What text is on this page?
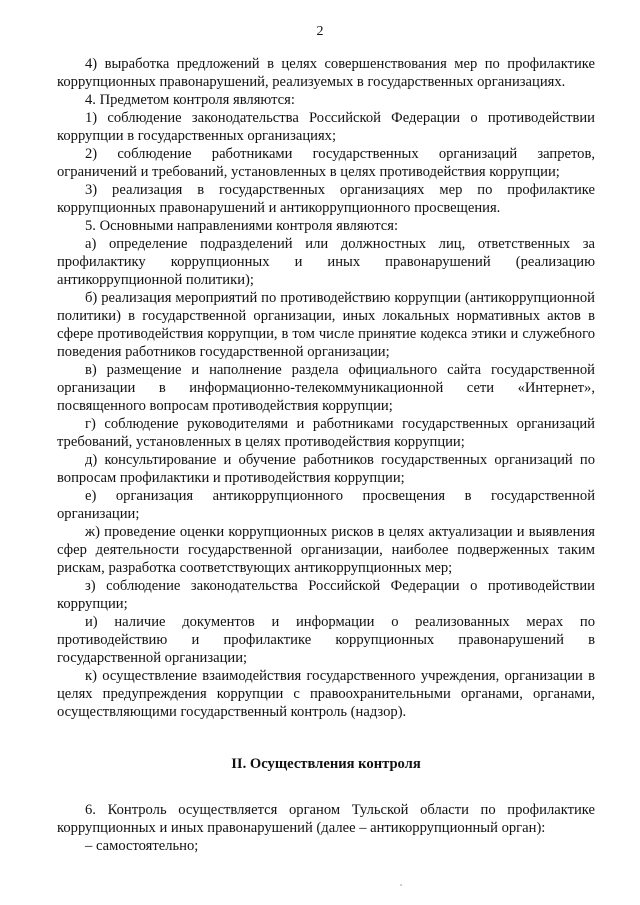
2

4) выработка предложений в целях совершенствования мер по профилактике коррупционных правонарушений, реализуемых в государственных организациях.

4. Предметом контроля являются:

1) соблюдение законодательства Российской Федерации о противодействии коррупции в государственных организациях;

2) соблюдение работниками государственных организаций запретов, ограничений и требований, установленных в целях противодействия коррупции;

3) реализация в государственных организациях мер по профилактике коррупционных правонарушений и антикоррупционного просвещения.

5. Основными направлениями контроля являются:

а) определение подразделений или должностных лиц, ответственных за профилактику коррупционных и иных правонарушений (реализацию антикоррупционной политики);

б) реализация мероприятий по противодействию коррупции (антикоррупционной политики) в государственной организации, иных локальных нормативных актов в сфере противодействия коррупции, в том числе принятие кодекса этики и служебного поведения работников государственной организации;

в) размещение и наполнение раздела официального сайта государственной организации в информационно-телекоммуникационной сети «Интернет», посвященного вопросам противодействия коррупции;

г) соблюдение руководителями и работниками государственных организаций требований, установленных в целях противодействия коррупции;

д) консультирование и обучение работников государственных организаций по вопросам профилактики и противодействия коррупции;

е) организация антикоррупционного просвещения в государственной организации;

ж) проведение оценки коррупционных рисков в целях актуализации и выявления сфер деятельности государственной организации, наиболее подверженных таким рискам, разработка соответствующих антикоррупционных мер;

з) соблюдение законодательства Российской Федерации о противодействии коррупции;

и) наличие документов и информации о реализованных мерах по противодействию и профилактике коррупционных правонарушений в государственной организации;

к) осуществление взаимодействия государственного учреждения, организации в целях предупреждения коррупции с правоохранительными органами, органами, осуществляющими государственный контроль (надзор).

II. Осуществления контроля

6. Контроль осуществляется органом Тульской области по профилактике коррупционных и иных правонарушений (далее – антикоррупционный орган):

– самостоятельно;
